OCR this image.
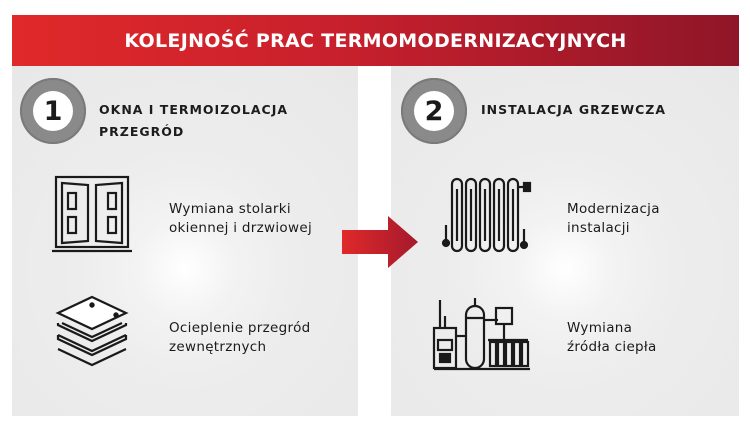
KOLEJNOŚĆ PRAC TERMOMODERNIZACYJNYCH
1	OKNA I TERMOIZOLACJA
PRZEGRÓD
2	INSTALACJA GRZEWCZA
Wymiana stolarki
okiennej i drzwiowej
Ocieplenie przegród
zewnętrznych
Modernizacja
instalacji
Wymiana
źródła ciepła
